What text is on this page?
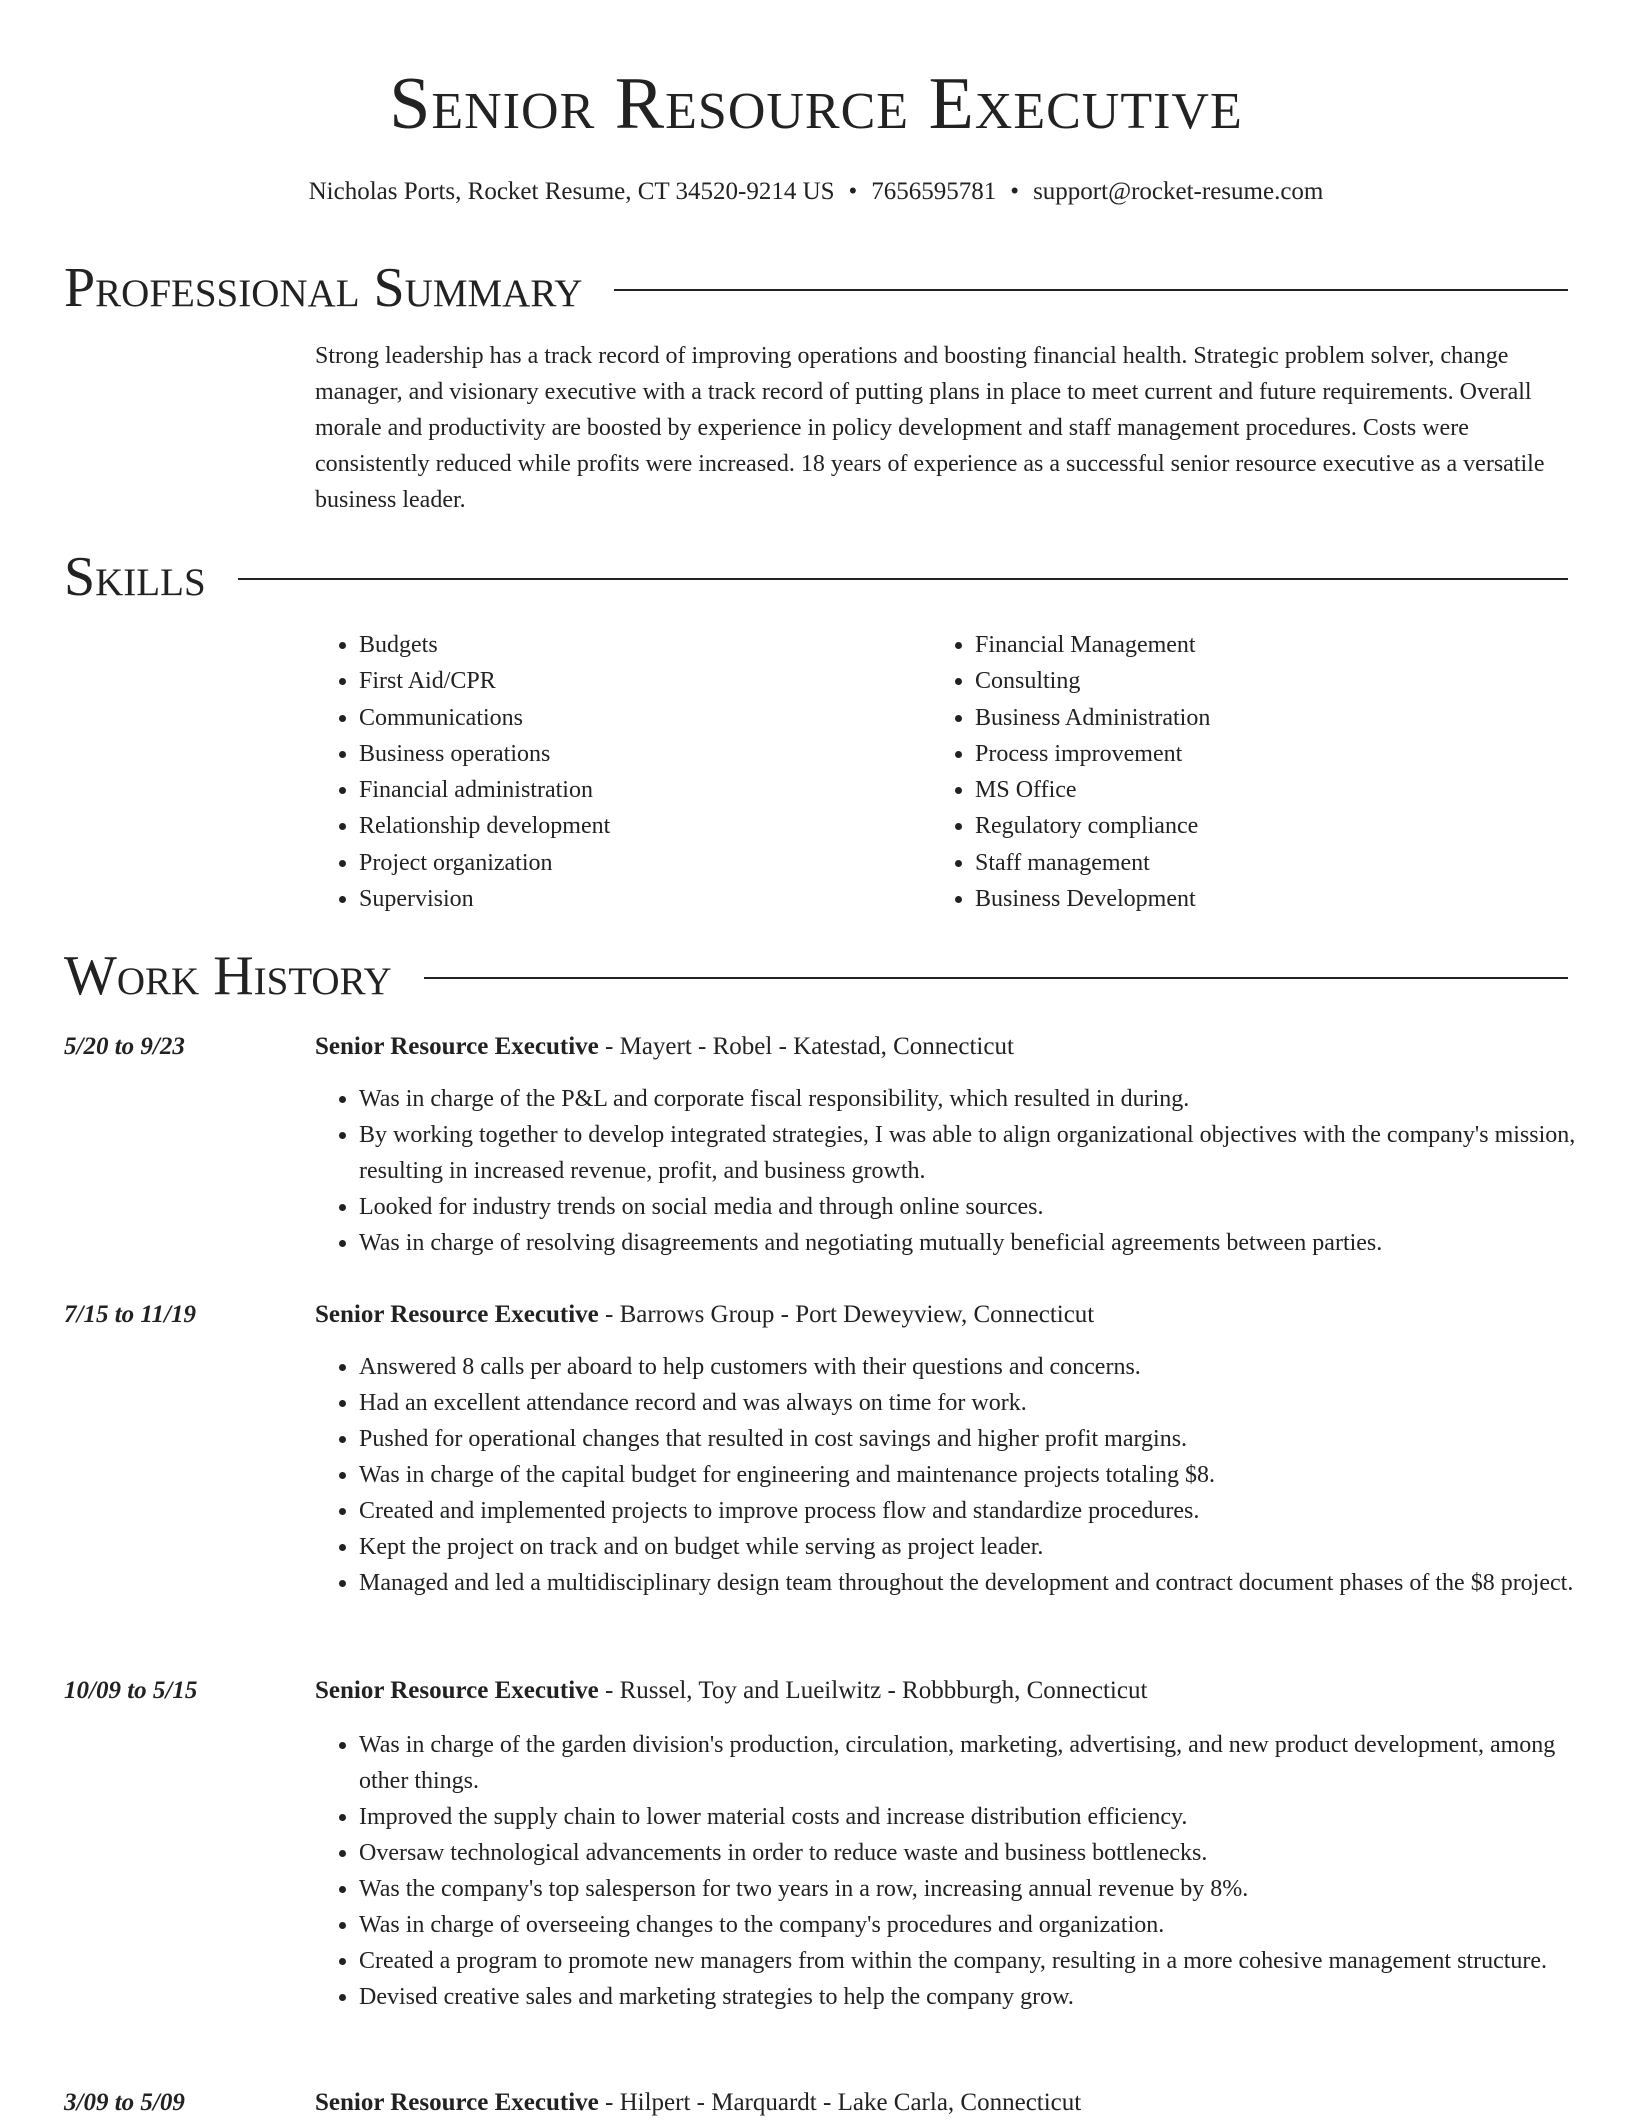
Senior Resource Executive
Nicholas Ports, Rocket Resume, CT 34520-9214 US • 7656595781 • support@rocket-resume.com
Professional Summary

Strong leadership has a track record of improving operations and boosting financial health. Strategic problem solver, change manager, and visionary executive with a track record of putting plans in place to meet current and future requirements. Overall morale and productivity are boosted by experience in policy development and staff management procedures. Costs were consistently reduced while profits were increased. 18 years of experience as a successful senior resource executive as a versatile business leader.

Skills
• Budgets
• First Aid/CPR
• Communications
• Business operations
• Financial administration
• Relationship development
• Project organization
• Supervision
• Financial Management
• Consulting
• Business Administration
• Process improvement
• MS Office
• Regulatory compliance
• Staff management
• Business Development
Work History
5/20 to 9/23	Senior Resource Executive - Mayert - Robel - Katestad, Connecticut
• Was in charge of the P&L and corporate fiscal responsibility, which resulted in during.
• By working together to develop integrated strategies, I was able to align organizational objectives with the company's mission, resulting in increased revenue, profit, and business growth.
• Looked for industry trends on social media and through online sources.
• Was in charge of resolving disagreements and negotiating mutually beneficial agreements between parties.
7/15 to 11/19	Senior Resource Executive - Barrows Group - Port Deweyview, Connecticut
• Answered 8 calls per aboard to help customers with their questions and concerns.
• Had an excellent attendance record and was always on time for work.
• Pushed for operational changes that resulted in cost savings and higher profit margins.
• Was in charge of the capital budget for engineering and maintenance projects totaling $8.
• Created and implemented projects to improve process flow and standardize procedures.
• Kept the project on track and on budget while serving as project leader.
• Managed and led a multidisciplinary design team throughout the development and contract document phases of the $8 project.
10/09 to 5/15	Senior Resource Executive - Russel, Toy and Lueilwitz - Robbburgh, Connecticut
• Was in charge of the garden division's production, circulation, marketing, advertising, and new product development, among other things.
• Improved the supply chain to lower material costs and increase distribution efficiency.
• Oversaw technological advancements in order to reduce waste and business bottlenecks.
• Was the company's top salesperson for two years in a row, increasing annual revenue by 8%.
• Was in charge of overseeing changes to the company's procedures and organization.
• Created a program to promote new managers from within the company, resulting in a more cohesive management structure.
• Devised creative sales and marketing strategies to help the company grow.
3/09 to 5/09	Senior Resource Executive - Hilpert - Marquardt - Lake Carla, Connecticut
